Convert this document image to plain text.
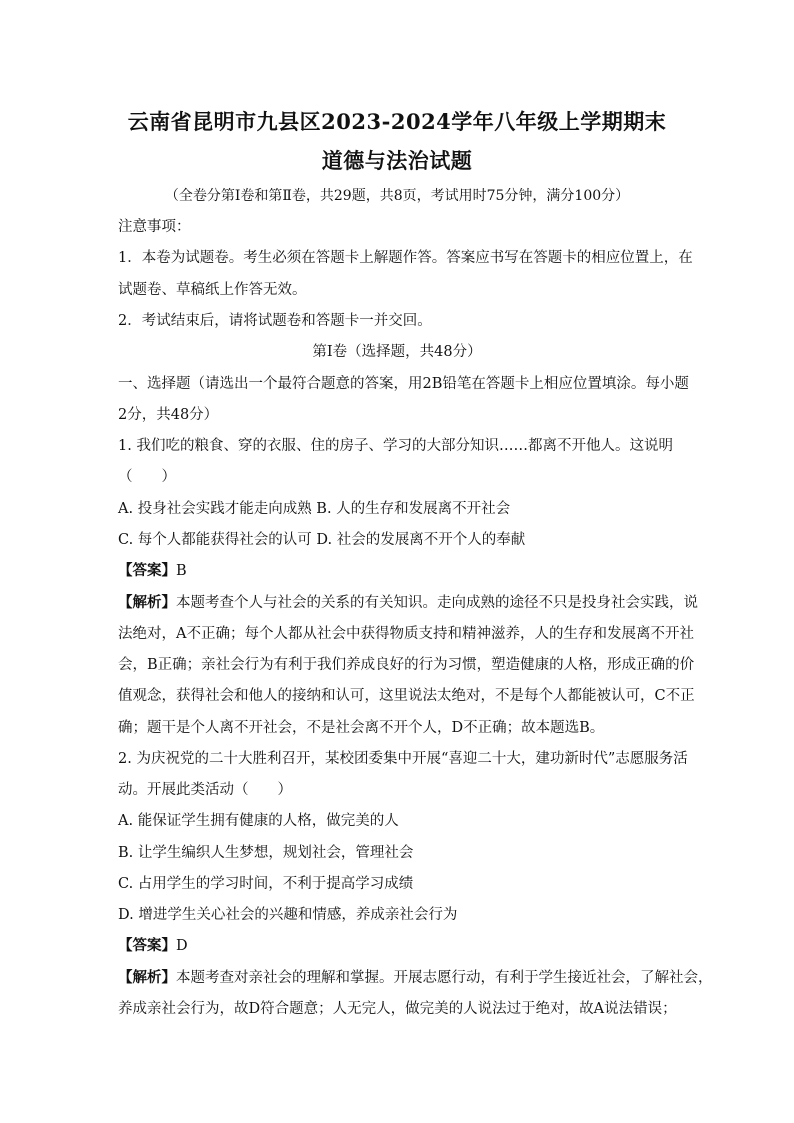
云南省昆明市九县区2023-2024学年八年级上学期期末
道德与法治试题
（全卷分第Ⅰ卷和第Ⅱ卷，共29题，共8页，考试用时75分钟，满分100分）
注意事项：
1．本卷为试题卷。考生必须在答题卡上解题作答。答案应书写在答题卡的相应位置上，在
试题卷、草稿纸上作答无效。
2．考试结束后，请将试题卷和答题卡一并交回。
第Ⅰ卷（选择题，共48分）
一、选择题（请选出一个最符合题意的答案，用2B铅笔在答题卡上相应位置填涂。每小题
2分，共48分）
1. 我们吃的粮食、穿的衣服、住的房子、学习的大部分知识……都离不开他人。这说明
（　　）
A. 投身社会实践才能走向成熟 B. 人的生存和发展离不开社会
C. 每个人都能获得社会的认可 D. 社会的发展离不开个人的奉献
【答案】B
【解析】本题考查个人与社会的关系的有关知识。走向成熟的途径不只是投身社会实践，说
法绝对，A不正确；每个人都从社会中获得物质支持和精神滋养，人的生存和发展离不开社
会，B正确；亲社会行为有利于我们养成良好的行为习惯，塑造健康的人格，形成正确的价
值观念，获得社会和他人的接纳和认可，这里说法太绝对，不是每个人都能被认可，C不正
确；题干是个人离不开社会，不是社会离不开个人，D不正确；故本题选B。
2. 为庆祝党的二十大胜利召开，某校团委集中开展“喜迎二十大，建功新时代”志愿服务活
动。开展此类活动（　　）
A. 能保证学生拥有健康的人格，做完美的人
B. 让学生编织人生梦想，规划社会，管理社会
C. 占用学生的学习时间，不利于提高学习成绩
D. 增进学生关心社会的兴趣和情感，养成亲社会行为
【答案】D
【解析】本题考查对亲社会的理解和掌握。开展志愿行动，有利于学生接近社会，了解社会，
养成亲社会行为，故D符合题意；人无完人，做完美的人说法过于绝对，故A说法错误；
